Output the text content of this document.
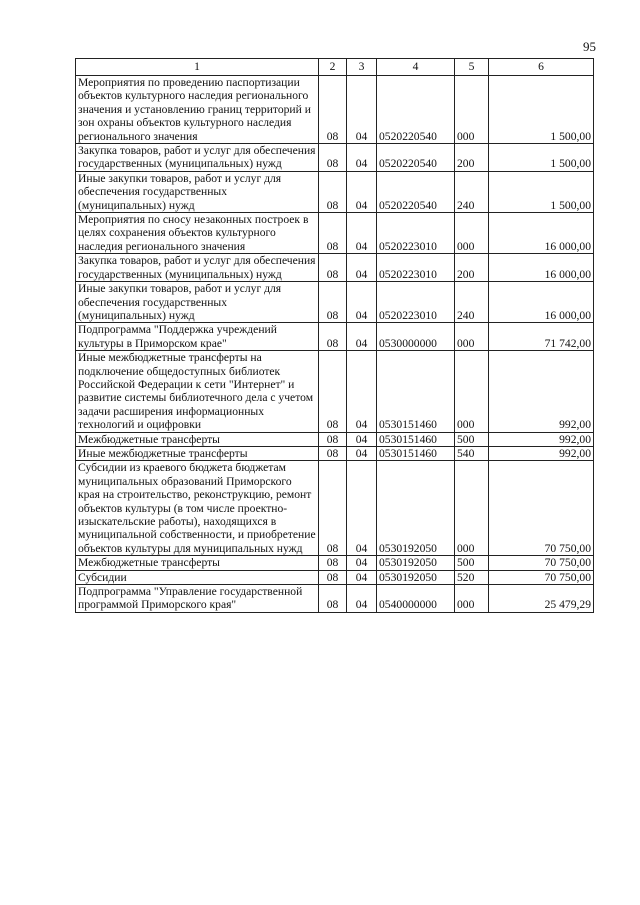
95
1	2	3	4	5	6
Мероприятия по проведению паспортизации объектов культурного наследия регионального значения и установлению границ территорий и зон охраны объектов культурного наследия регионального значения	08	04	0520220540	000	1 500,00
Закупка товаров, работ и услуг для обеспечения государственных (муниципальных) нужд	08	04	0520220540	200	1 500,00
Иные закупки товаров, работ и услуг для обеспечения государственных (муниципальных) нужд	08	04	0520220540	240	1 500,00
Мероприятия по сносу незаконных построек в целях сохранения объектов культурного наследия регионального значения	08	04	0520223010	000	16 000,00
Закупка товаров, работ и услуг для обеспечения государственных (муниципальных) нужд	08	04	0520223010	200	16 000,00
Иные закупки товаров, работ и услуг для обеспечения государственных (муниципальных) нужд	08	04	0520223010	240	16 000,00
Подпрограмма "Поддержка учреждений культуры в Приморском крае"	08	04	0530000000	000	71 742,00
Иные межбюджетные трансферты на подключение общедоступных библиотек Российской Федерации к сети "Интернет" и развитие системы библиотечного дела с учетом задачи расширения информационных технологий и оцифровки	08	04	0530151460	000	992,00
Межбюджетные трансферты	08	04	0530151460	500	992,00
Иные межбюджетные трансферты	08	04	0530151460	540	992,00
Субсидии из краевого бюджета бюджетам муниципальных образований Приморского края на строительство, реконструкцию, ремонт объектов культуры (в том числе проектно-изыскательские работы), находящихся в муниципальной собственности, и приобретение объектов культуры для муниципальных нужд	08	04	0530192050	000	70 750,00
Межбюджетные трансферты	08	04	0530192050	500	70 750,00
Субсидии	08	04	0530192050	520	70 750,00
Подпрограмма "Управление государственной программой Приморского края"	08	04	0540000000	000	25 479,29
